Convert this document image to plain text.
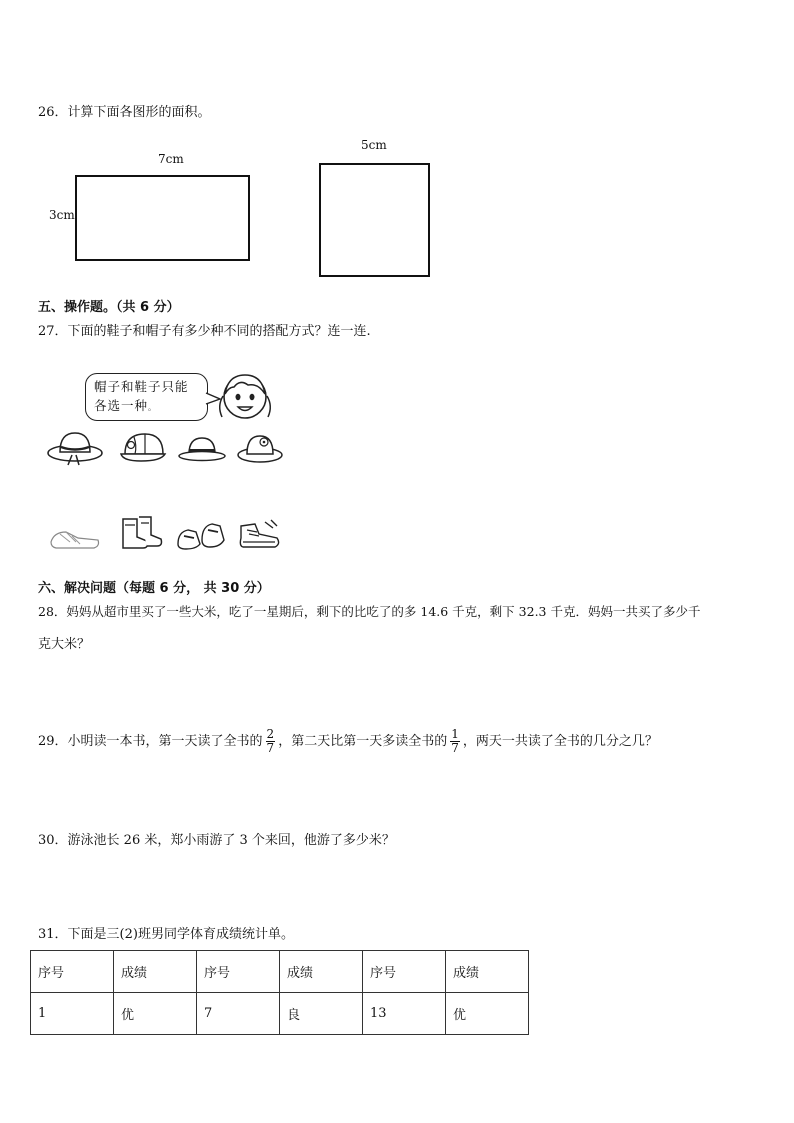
26．计算下面各图形的面积。
7cm
3cm
5cm
五、操作题。（共 6 分）
27．下面的鞋子和帽子有多少种不同的搭配方式？连一连.
帽子和鞋子只能
各选一种。
六、解决问题（每题 6 分， 共 30 分）
28．妈妈从超市里买了一些大米，吃了一星期后，剩下的比吃了的多 14.6 千克，剩下 32.3 千克．妈妈一共买了多少千
克大米？
29．小明读一本书，第一天读了全书的 $\frac{2}{7}$ ，第二天比第一天多读全书的 $\frac{1}{7}$ ，两天一共读了全书的几分之几？
30．游泳池长 26 米，郑小雨游了 3 个来回，他游了多少米？
31．下面是三(2)班男同学体育成绩统计单。
序号	成绩	序号	成绩	序号	成绩
1	优	7	良	13	优
